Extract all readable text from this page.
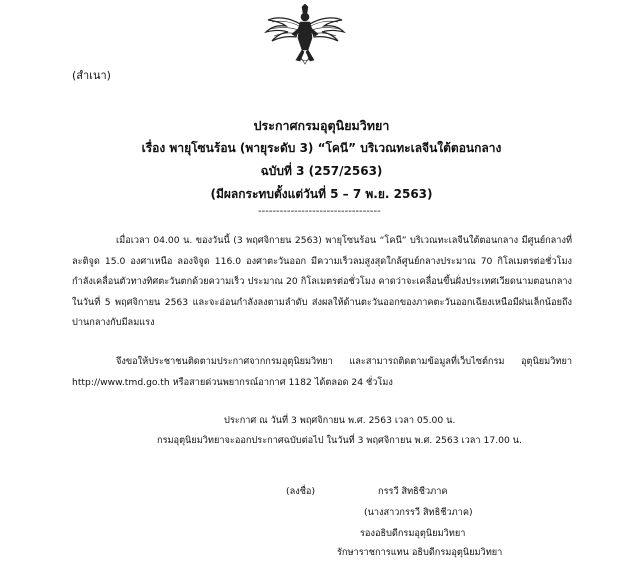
(สำเนา)
ประกาศกรมอุตุนิยมวิทยา
เรื่อง พายุโซนร้อน (พายุระดับ 3) “โคนี” บริเวณทะเลจีนใต้ตอนกลาง
ฉบับที่ 3 (257/2563)
(มีผลกระทบตั้งแต่วันที่ 5 – 7 พ.ย. 2563)
----------------------------------
เมื่อเวลา 04.00 น. ของวันนี้ (3 พฤศจิกายน 2563) พายุโซนร้อน “โคนี” บริเวณทะเลจีนใต้ตอนกลาง มีศูนย์กลางที่ละติจูด 15.0 องศาเหนือ ลองจิจูด 116.0 องศาตะวันออก มีความเร็วลมสูงสุดใกล้ศูนย์กลางประมาณ 70 กิโลเมตรต่อชั่วโมง กำลังเคลื่อนตัวทางทิศตะวันตกด้วยความเร็ว ประมาณ 20 กิโลเมตรต่อชั่วโมง คาดว่าจะเคลื่อนขึ้นฝั่งประเทศเวียดนามตอนกลางในวันที่ 5 พฤศจิกายน 2563 และจะอ่อนกำลังลงตามลำดับ ส่งผลให้ด้านตะวันออกของภาคตะวันออกเฉียงเหนือมีฝนเล็กน้อยถึงปานกลางกับมีลมแรง
จึงขอให้ประชาชนติดตามประกาศจากกรมอุตุนิยมวิทยา และสามารถติดตามข้อมูลที่เว็บไซต์กรม อุตุนิยมวิทยา http://www.tmd.go.th หรือสายด่วนพยากรณ์อากาศ 1182 ได้ตลอด 24 ชั่วโมง
ประกาศ ณ วันที่ 3 พฤศจิกายน พ.ศ. 2563 เวลา 05.00 น.
กรมอุตุนิยมวิทยาจะออกประกาศฉบับต่อไป ในวันที่ 3 พฤศจิกายน พ.ศ. 2563 เวลา 17.00 น.
(ลงชื่อ)	กรรวี สิทธิชีวภาค
(นางสาวกรรวี สิทธิชีวภาค)
รองอธิบดีกรมอุตุนิยมวิทยา
รักษาราชการแทน อธิบดีกรมอุตุนิยมวิทยา
